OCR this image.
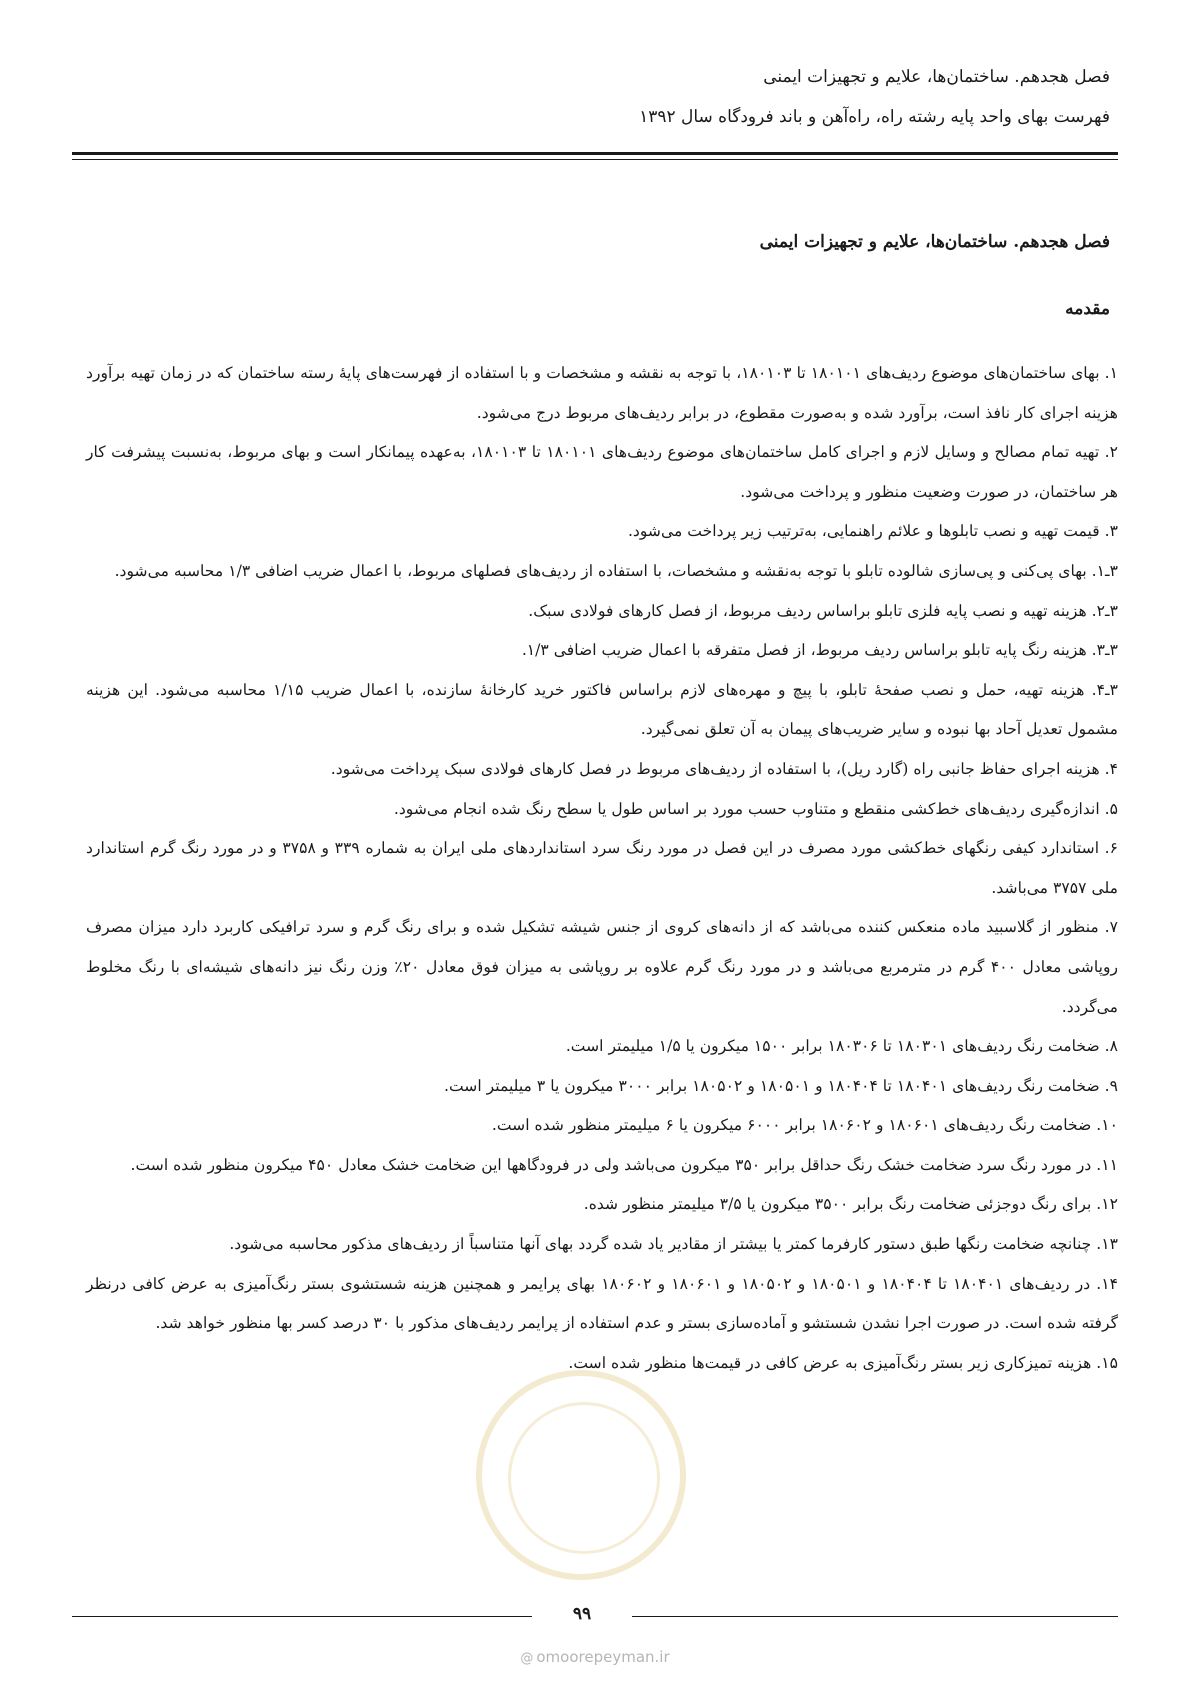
فصل هجدهم. ساختمان‌ها، علایم و تجهیزات ایمنی
فهرست بهای واحد پایه رشته راه، راه‌آهن و باند فرودگاه سال ۱۳۹۲
فصل هجدهم. ساختمان‌ها، علایم و تجهیزات ایمنی
مقدمه

۱. بهای ساختمان‌های موضوع ردیف‌های ۱۸۰۱۰۱ تا ۱۸۰۱۰۳، با توجه به نقشه و مشخصات و با استفاده از فهرست‌های پایهٔ رسته ساختمان که در زمان تهیه برآورد هزینه اجرای کار نافذ است، برآورد شده و به‌صورت مقطوع، در برابر ردیف‌های مربوط درج می‌شود.

۲. تهیه تمام مصالح و وسایل لازم و اجرای کامل ساختمان‌های موضوع ردیف‌های ۱۸۰۱۰۱ تا ۱۸۰۱۰۳، به‌عهده پیمانکار است و بهای مربوط، به‌نسبت پیشرفت کار هر ساختمان، در صورت وضعیت منظور و پرداخت می‌شود.

۳. قیمت تهیه و نصب تابلوها و علائم راهنمایی، به‌ترتیب زیر پرداخت می‌شود.

۳ـ۱. بهای پی‌کنی و پی‌سازی شالوده تابلو با توجه به‌نقشه و مشخصات، با استفاده از ردیف‌های فصلهای مربوط، با اعمال ضریب اضافی ۱/۳ محاسبه می‌شود.

۳ـ۲. هزینه تهیه و نصب پایه فلزی تابلو براساس ردیف مربوط، از فصل کارهای فولادی سبک.

۳ـ۳. هزینه رنگ پایه تابلو براساس ردیف مربوط، از فصل متفرقه با اعمال ضریب اضافی ۱/۳.

۳ـ۴. هزینه تهیه، حمل و نصب صفحهٔ تابلو، با پیچ و مهره‌های لازم براساس فاکتور خرید کارخانهٔ سازنده، با اعمال ضریب ۱/۱۵ محاسبه می‌شود. این هزینه مشمول تعدیل آحاد بها نبوده و سایر ضریب‌های پیمان به آن تعلق نمی‌گیرد.

۴. هزینه اجرای حفاظ جانبی راه (گارد ریل)، با استفاده از ردیف‌های مربوط در فصل کارهای فولادی سبک پرداخت می‌شود.

۵. اندازه‌گیری ردیف‌های خط‌کشی منقطع و متناوب حسب مورد بر اساس طول یا سطح رنگ شده انجام می‌شود.

۶. استاندارد کیفی رنگهای خط‌کشی مورد مصرف در این فصل در مورد رنگ سرد استانداردهای ملی ایران به شماره ۳۳۹ و ۳۷۵۸ و در مورد رنگ گرم استاندارد ملی ۳۷۵۷ می‌باشد.

۷. منظور از گلاسبید ماده منعکس کننده می‌باشد که از دانه‌های کروی از جنس شیشه تشکیل شده و برای رنگ گرم و سرد ترافیکی کاربرد دارد میزان مصرف روپاشی معادل ۴۰۰ گرم در مترمربع می‌باشد و در مورد رنگ گرم علاوه بر روپاشی به میزان فوق معادل ۲۰٪ وزن رنگ نیز دانه‌های شیشه‌ای با رنگ مخلوط می‌گردد.

۸. ضخامت رنگ ردیف‌های ۱۸۰۳۰۱ تا ۱۸۰۳۰۶ برابر ۱۵۰۰ میکرون یا ۱/۵ میلیمتر است.

۹. ضخامت رنگ ردیف‌های ۱۸۰۴۰۱ تا ۱۸۰۴۰۴ و ۱۸۰۵۰۱ و ۱۸۰۵۰۲ برابر ۳۰۰۰ میکرون یا ۳ میلیمتر است.

۱۰. ضخامت رنگ ردیف‌های ۱۸۰۶۰۱ و ۱۸۰۶۰۲ برابر ۶۰۰۰ میکرون یا ۶ میلیمتر منظور شده است.

۱۱. در مورد رنگ سرد ضخامت خشک رنگ حداقل برابر ۳۵۰ میکرون می‌باشد ولی در فرودگاهها این ضخامت خشک معادل ۴۵۰ میکرون منظور شده است.

۱۲. برای رنگ دوجزئی ضخامت رنگ برابر ۳۵۰۰ میکرون یا ۳/۵ میلیمتر منظور شده.

۱۳. چنانچه ضخامت رنگها طبق دستور کارفرما کمتر یا بیشتر از مقادیر یاد شده گردد بهای آنها متناسباً از ردیف‌های مذکور محاسبه می‌شود.

۱۴. در ردیف‌های ۱۸۰۴۰۱ تا ۱۸۰۴۰۴ و ۱۸۰۵۰۱ و ۱۸۰۵۰۲ و ۱۸۰۶۰۱ و ۱۸۰۶۰۲ بهای پرایمر و همچنین هزینه شستشوی بستر رنگ‌آمیزی به عرض کافی درنظر گرفته شده است. در صورت اجرا نشدن شستشو و آماده‌سازی بستر و عدم استفاده از پرایمر ردیف‌های مذکور با ۳۰ درصد کسر بها منظور خواهد شد.

۱۵. هزینه تمیزکاری زیر بستر رنگ‌آمیزی به عرض کافی در قیمت‌ها منظور شده است.

۹۹
@ omoorepeyman.ir
